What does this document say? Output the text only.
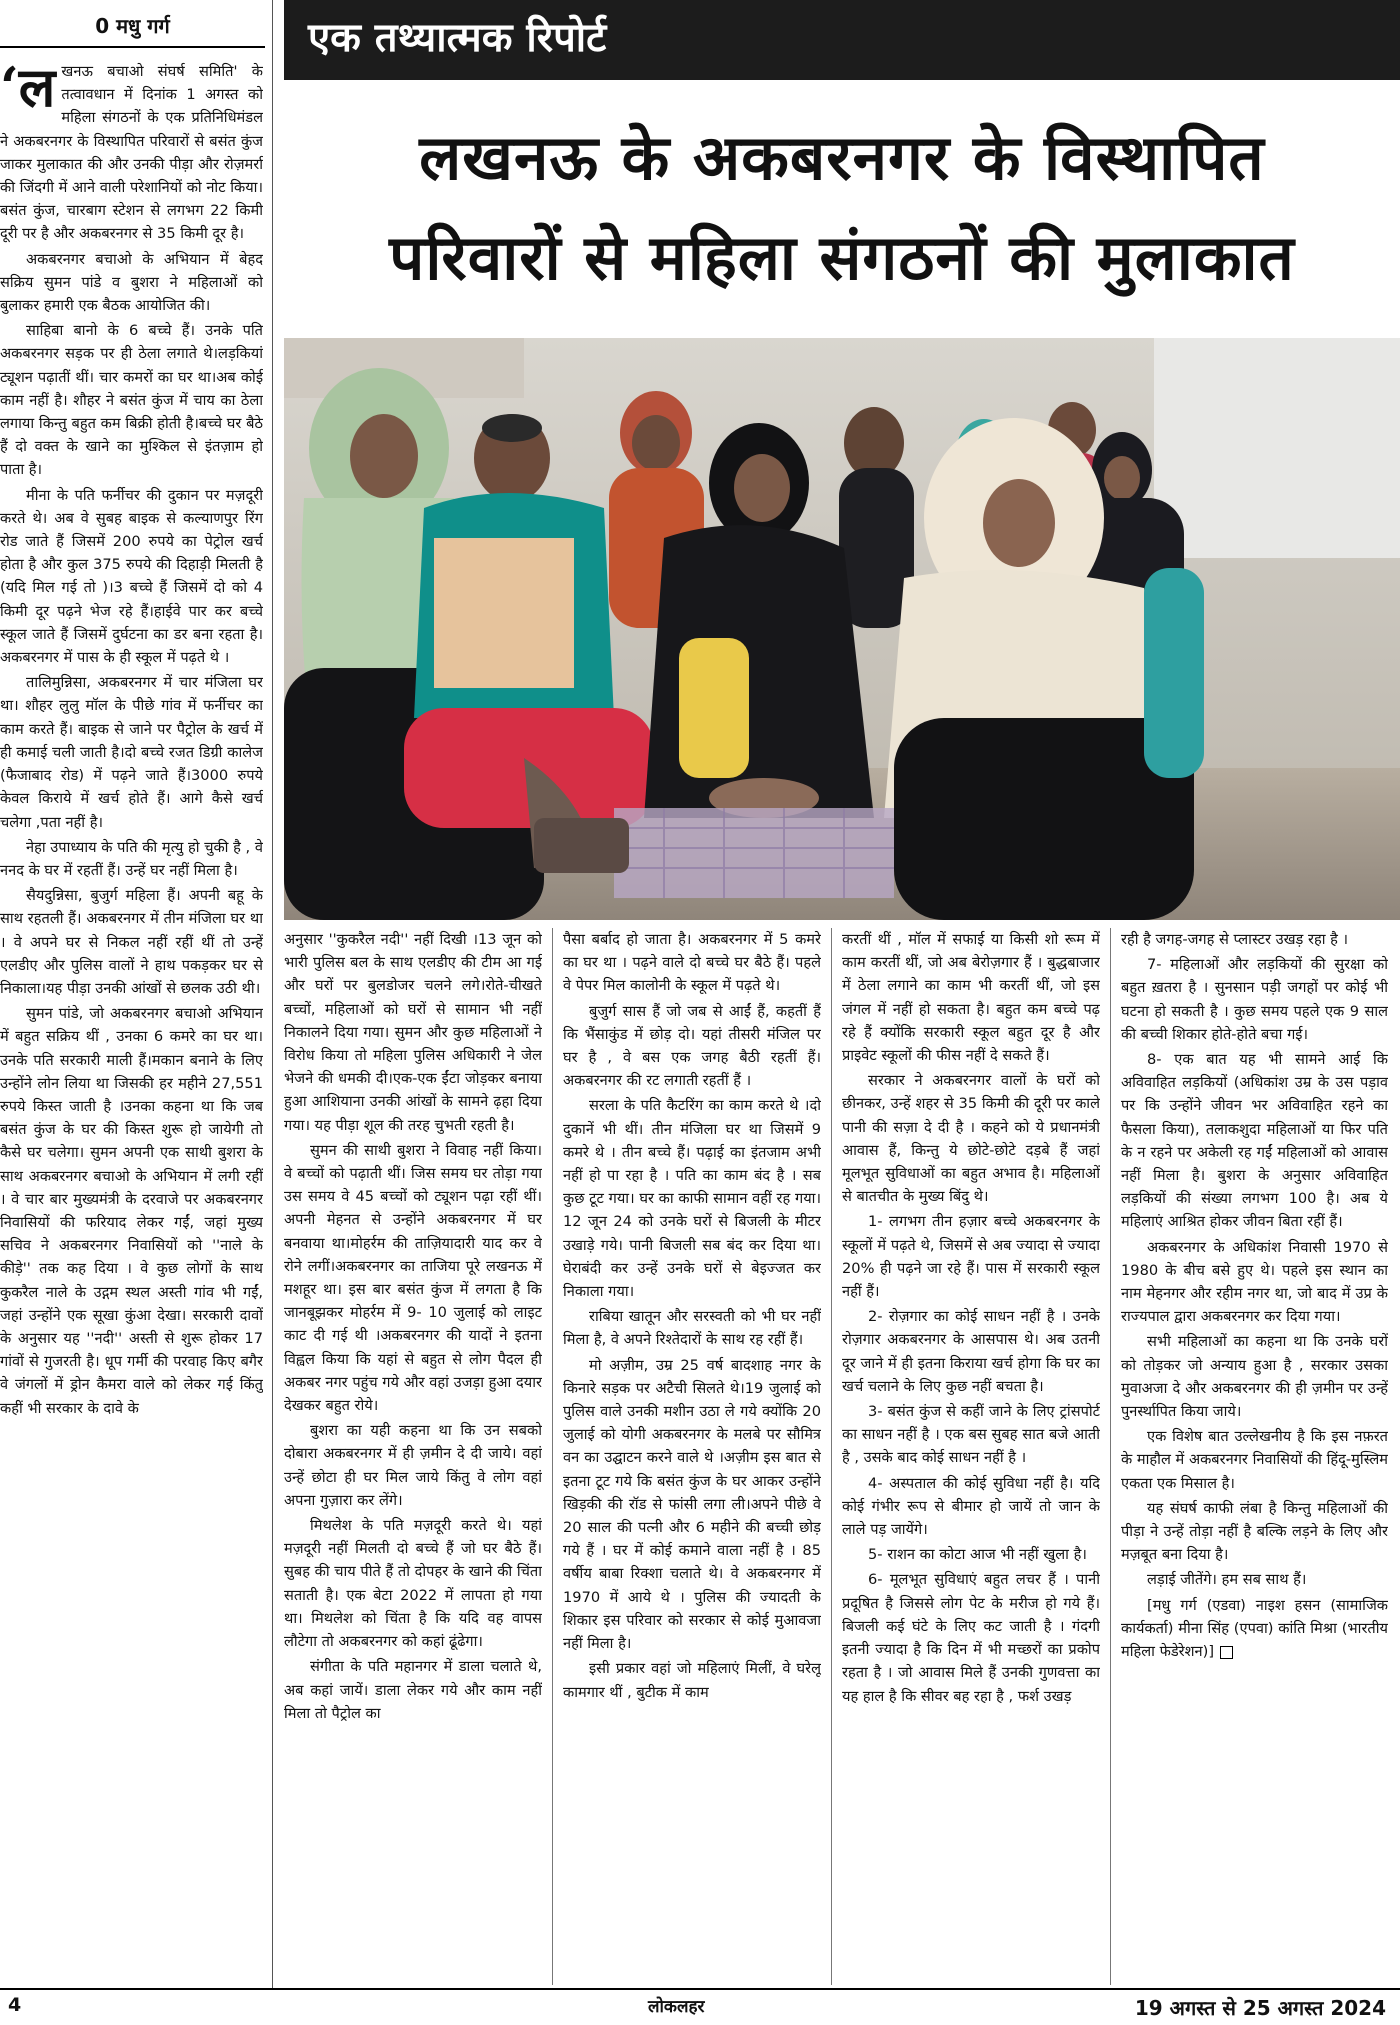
0 मधु गर्ग	एक तथ्यात्मक रिपोर्ट
लखनऊ के अकबरनगर के विस्थापित
परिवारों से महिला संगठनों की मुलाकात

‘लखनऊ बचाओ संघर्ष समिति' के तत्वावधान में दिनांक 1 अगस्त को महिला संगठनों के एक प्रतिनिधिमंडल ने अकबरनगर के विस्थापित परिवारों से बसंत कुंज जाकर मुलाकात की और उनकी पीड़ा और रोज़मर्रा की जिंदगी में आने वाली परेशानियों को नोट किया।बसंत कुंज, चारबाग स्टेशन से लगभग 22 किमी दूरी पर है और अकबरनगर से 35 किमी दूर है।

अकबरनगर बचाओ के अभियान में बेहद सक्रिय सुमन पांडे व बुशरा ने महिलाओं को बुलाकर हमारी एक बैठक आयोजित की।

साहिबा बानो के 6 बच्चे हैं। उनके पति अकबरनगर सड़क पर ही ठेला लगाते थे।लड़कियां ट्यूशन पढ़ातीं थीं। चार कमरों का घर था।अब कोई काम नहीं है। शौहर ने बसंत कुंज में चाय का ठेला लगाया किन्तु बहुत कम बिक्री होती है।बच्चे घर बैठे हैं दो वक्त के खाने का मुश्किल से इंतज़ाम हो पाता है।

मीना के पति फर्नीचर की दुकान पर मज़दूरी करते थे। अब वे सुबह बाइक से कल्याणपुर रिंग रोड जाते हैं जिसमें 200 रुपये का पेट्रोल खर्च होता है और कुल 375 रुपये की दिहाड़ी मिलती है (यदि मिल गई तो )।3 बच्चे हैं जिसमें दो को 4 किमी दूर पढ़ने भेज रहे हैं।हाईवे पार कर बच्चे स्कूल जाते हैं जिसमें दुर्घटना का डर बना रहता है। अकबरनगर में पास के ही स्कूल में पढ़ते थे ।

तालिमुन्निसा, अकबरनगर में चार मंजिला घर था। शौहर लुलु मॉल के पीछे गांव में फर्नीचर का काम करते हैं। बाइक से जाने पर पैट्रोल के खर्च में ही कमाई चली जाती है।दो बच्चे रजत डिग्री कालेज (फैजाबाद रोड) में पढ़ने जाते हैं।3000 रुपये केवल किराये में खर्च होते हैं। आगे कैसे खर्च चलेगा ,पता नहीं है।

नेहा उपाध्याय के पति की मृत्यु हो चुकी है , वे ननद के घर में रहतीं हैं। उन्हें घर नहीं मिला है।

सैयदुन्निसा, बुजुर्ग महिला हैं। अपनी बहू के साथ रहतली हैं। अकबरनगर में तीन मंजिला घर था । वे अपने घर से निकल नहीं रहीं थीं तो उन्हें एलडीए और पुलिस वालों ने हाथ पकड़कर घर से निकाला।यह पीड़ा उनकी आंखों से छलक उठी थी।

सुमन पांडे, जो अकबरनगर बचाओ अभियान में बहुत सक्रिय थीं , उनका 6 कमरे का घर था। उनके पति सरकारी माली हैं।मकान बनाने के लिए उन्होंने लोन लिया था जिसकी हर महीने 27,551 रुपये किस्त जाती है ।उनका कहना था कि जब बसंत कुंज के घर की किस्त शुरू हो जायेगी तो कैसे घर चलेगा। सुमन अपनी एक साथी बुशरा के साथ अकबरनगर बचाओ के अभियान में लगी रहीं । वे चार बार मुख्यमंत्री के दरवाजे पर अकबरनगर निवासियों की फरियाद लेकर गईं, जहां मुख्य सचिव ने अकबरनगर निवासियों को ''नाले के कीड़े'' तक कह दिया । वे कुछ लोगों के साथ कुकरैल नाले के उद्गम स्थल अस्ती गांव भी गईं, जहां उन्होंने एक सूखा कुंआ देखा। सरकारी दावों के अनुसार यह ''नदी'' अस्ती से शुरू होकर 17 गांवों से गुजरती है। धूप गर्मी की परवाह किए बगैर वे जंगलों में ड्रोन कैमरा वाले को लेकर गई किंतु कहीं भी सरकार के दावे के

अनुसार ''कुकरैल नदी'' नहीं दिखी ।13 जून को भारी पुलिस बल के साथ एलडीए की टीम आ गई और घरों पर बुलडोजर चलने लगे।रोते-चीखते बच्चों, महिलाओं को घरों से सामान भी नहीं निकालने दिया गया। सुमन और कुछ महिलाओं ने विरोध किया तो महिला पुलिस अधिकारी ने जेल भेजने की धमकी दी।एक-एक ईंटा जोड़कर बनाया हुआ आशियाना उनकी आंखों के सामने ढ़हा दिया गया। यह पीड़ा शूल की तरह चुभती रहती है।

सुमन की साथी बुशरा ने विवाह नहीं किया। वे बच्चों को पढ़ाती थीं। जिस समय घर तोड़ा गया उस समय वे 45 बच्चों को ट्यूशन पढ़ा रहीं थीं।अपनी मेहनत से उन्होंने अकबरनगर में घर बनवाया था।मोहर्रम की ताज़ियादारी याद कर वे रोने लगीं।अकबरनगर का ताजिया पूरे लखनऊ में मशहूर था। इस बार बसंत कुंज में लगता है कि जानबूझकर मोहर्रम में 9- 10 जुलाई को लाइट काट दी गई थी ।अकबरनगर की यादों ने इतना विह्वल किया कि यहां से बहुत से लोग पैदल ही अकबर नगर पहुंच गये और वहां उजड़ा हुआ दयार देखकर बहुत रोये।

बुशरा का यही कहना था कि उन सबको दोबारा अकबरनगर में ही ज़मीन दे दी जाये। वहां उन्हें छोटा ही घर मिल जाये किंतु वे लोग वहां अपना गुज़ारा कर लेंगे।

मिथलेश के पति मज़दूरी करते थे। यहां मज़दूरी नहीं मिलती दो बच्चे हैं जो घर बैठे हैं।सुबह की चाय पीते हैं तो दोपहर के खाने की चिंता सताती है। एक बेटा 2022 में लापता हो गया था। मिथलेश को चिंता है कि यदि वह वापस लौटेगा तो अकबरनगर को कहां ढूंढेगा।

संगीता के पति महानगर में डाला चलाते थे, अब कहां जायें। डाला लेकर गये और काम नहीं मिला तो पैट्रोल का

पैसा बर्बाद हो जाता है। अकबरनगर में 5 कमरे का घर था । पढ़ने वाले दो बच्चे घर बैठे हैं। पहले वे पेपर मिल कालोनी के स्कूल में पढ़ते थे।

बुजुर्ग सास हैं जो जब से आईं हैं, कहतीं हैं कि भैंसाकुंड में छोड़ दो। यहां तीसरी मंजिल पर घर है , वे बस एक जगह बैठी रहतीं हैं। अकबरनगर की रट लगाती रहतीं हैं ।

सरला के पति कैटरिंग का काम करते थे ।दो दुकानें भी थीं। तीन मंजिला घर था जिसमें 9 कमरे थे । तीन बच्चे हैं। पढ़ाई का इंतजाम अभी नहीं हो पा रहा है । पति का काम बंद है । सब कुछ टूट गया। घर का काफी सामान वहीं रह गया।12 जून 24 को उनके घरों से बिजली के मीटर उखाड़े गये। पानी बिजली सब बंद कर दिया था। घेराबंदी कर उन्हें उनके घरों से बेइज्जत कर निकाला गया।

राबिया खातून और सरस्वती को भी घर नहीं मिला है, वे अपने रिश्तेदारों के साथ रह रहीं हैं।

मो अज़ीम, उम्र 25 वर्ष बादशाह नगर के किनारे सड़क पर अटैची सिलते थे।19 जुलाई को पुलिस वाले उनकी मशीन उठा ले गये क्योंकि 20 जुलाई को योगी अकबरनगर के मलबे पर सौमित्र वन का उद्घाटन करने वाले थे ।अज़ीम इस बात से इतना टूट गये कि बसंत कुंज के घर आकर उन्होंने खिड़की की रॉड से फांसी लगा ली।अपने पीछे वे 20 साल की पत्नी और 6 महीने की बच्ची छोड़ गये हैं । घर में कोई कमाने वाला नहीं है । 85 वर्षीय बाबा रिक्शा चलाते थे। वे अकबरनगर में 1970 में आये थे । पुलिस की ज्यादती के शिकार इस परिवार को सरकार से कोई मुआवजा नहीं मिला है।

इसी प्रकार वहां जो महिलाएं मिलीं, वे घरेलू कामगार थीं , बुटीक में काम

करतीं थीं , मॉल में सफाई या किसी शो रूम में काम करतीं थीं, जो अब बेरोज़गार हैं । बुद्धबाजार में ठेला लगाने का काम भी करतीं थीं, जो इस जंगल में नहीं हो सकता है। बहुत कम बच्चे पढ़ रहे हैं क्योंकि सरकारी स्कूल बहुत दूर है और प्राइवेट स्कूलों की फीस नहीं दे सकते हैं।

सरकार ने अकबरनगर वालों के घरों को छीनकर, उन्हें शहर से 35 किमी की दूरी पर काले पानी की सज़ा दे दी है । कहने को ये प्रधानमंत्री आवास हैं, किन्तु ये छोटे-छोटे दड़बे हैं जहां मूलभूत सुविधाओं का बहुत अभाव है। महिलाओं से बातचीत के मुख्य बिंदु थे।

1- लगभग तीन हज़ार बच्चे अकबरनगर के स्कूलों में पढ़ते थे, जिसमें से अब ज्यादा से ज्यादा 20% ही पढ़ने जा रहे हैं। पास में सरकारी स्कूल नहीं हैं।

2- रोज़गार का कोई साधन नहीं है । उनके रोज़गार अकबरनगर के आसपास थे। अब उतनी दूर जाने में ही इतना किराया खर्च होगा कि घर का खर्च चलाने के लिए कुछ नहीं बचता है।

3- बसंत कुंज से कहीं जाने के लिए ट्रांसपोर्ट का साधन नहीं है । एक बस सुबह सात बजे आती है , उसके बाद कोई साधन नहीं है ।

4- अस्पताल की कोई सुविधा नहीं है। यदि कोई गंभीर रूप से बीमार हो जायें तो जान के लाले पड़ जायेंगे।

5- राशन का कोटा आज भी नहीं खुला है।

6- मूलभूत सुविधाएं बहुत लचर हैं । पानी प्रदूषित है जिससे लोग पेट के मरीज हो गये हैं। बिजली कई घंटे के लिए कट जाती है । गंदगी इतनी ज्यादा है कि दिन में भी मच्छरों का प्रकोप रहता है । जो आवास मिले हैं उनकी गुणवत्ता का यह हाल है कि सीवर बह रहा है , फर्श उखड़

रही है जगह-जगह से प्लास्टर उखड़ रहा है ।

7- महिलाओं और लड़कियों की सुरक्षा को बहुत ख़तरा है । सुनसान पड़ी जगहों पर कोई भी घटना हो सकती है । कुछ समय पहले एक 9 साल की बच्ची शिकार होते-होते बचा गई।

8- एक बात यह भी सामने आई कि अविवाहित लड़कियों (अधिकांश उम्र के उस पड़ाव पर कि उन्होंने जीवन भर अविवाहित रहने का फैसला किया), तलाकशुदा महिलाओं या फिर पति के न रहने पर अकेली रह गईं महिलाओं को आवास नहीं मिला है। बुशरा के अनुसार अविवाहित लड़कियों की संख्या लगभग 100 है। अब ये महिलाएं आश्रित होकर जीवन बिता रहीं हैं।

अकबरनगर के अधिकांश निवासी 1970 से 1980 के बीच बसे हुए थे। पहले इस स्थान का नाम मेहनगर और रहीम नगर था, जो बाद में उप्र के राज्यपाल द्वारा अकबरनगर कर दिया गया।

सभी महिलाओं का कहना था कि उनके घरों को तोड़कर जो अन्याय हुआ है , सरकार उसका मुवाअजा दे और अकबरनगर की ही ज़मीन पर उन्हें पुनर्स्थापित किया जाये।

एक विशेष बात उल्लेखनीय है कि इस नफ़रत के माहौल में अकबरनगर निवासियों की हिंदू-मुस्लिम एकता एक मिसाल है।

यह संघर्ष काफी लंबा है किन्तु महिलाओं की पीड़ा ने उन्हें तोड़ा नहीं है बल्कि लड़ने के लिए और मज़बूत बना दिया है।

लड़ाई जीतेंगे। हम सब साथ हैं।

[मधु गर्ग (एडवा) नाइश हसन (सामाजिक कार्यकर्ता) मीना सिंह (एपवा) कांति मिश्रा (भारतीय महिला फेडेरेशन)]

4	लोकलहर	19 अगस्त से 25 अगस्त 2024
